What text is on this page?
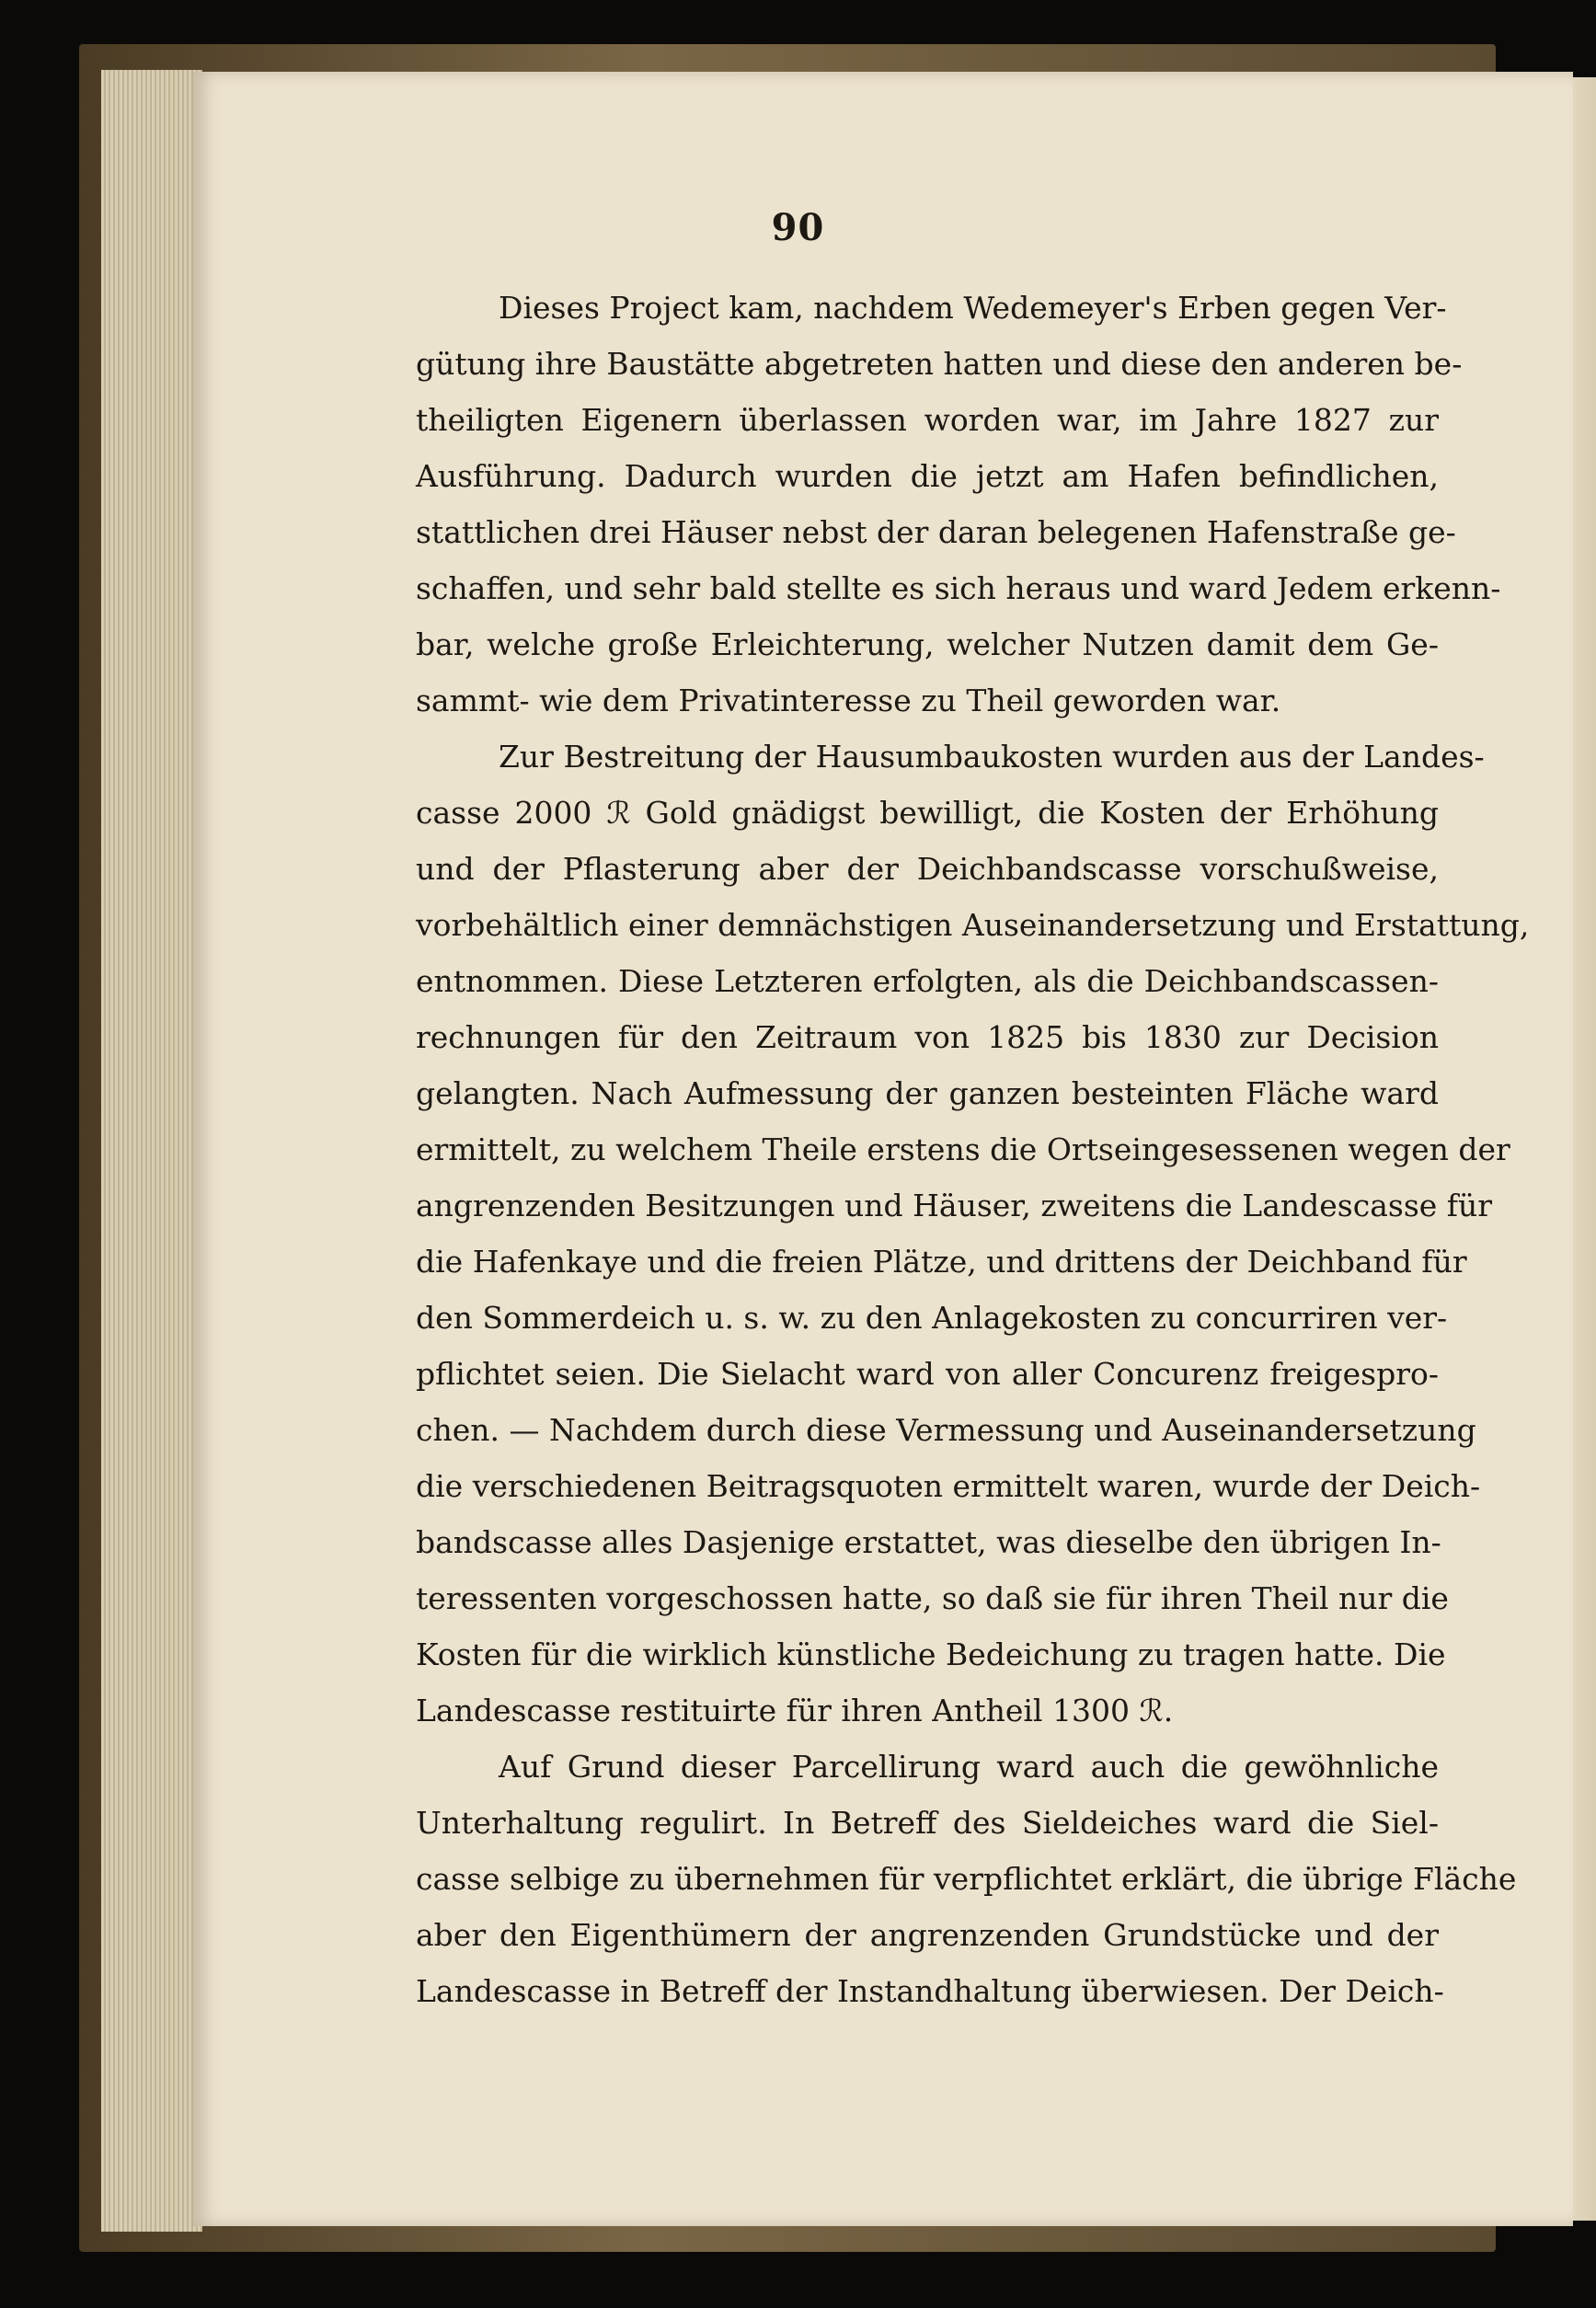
90
Dieses Project kam, nachdem Wedemeyer's Erben gegen Ver-
gütung ihre Baustätte abgetreten hatten und diese den anderen be-
theiligten Eigenern überlassen worden war, im Jahre 1827 zur
Ausführung. Dadurch wurden die jetzt am Hafen befindlichen,
stattlichen drei Häuser nebst der daran belegenen Hafenstraße ge-
schaffen, und sehr bald stellte es sich heraus und ward Jedem erkenn-
bar, welche große Erleichterung, welcher Nutzen damit dem Ge-
sammt- wie dem Privatinteresse zu Theil geworden war.
Zur Bestreitung der Hausumbaukosten wurden aus der Landes-
casse 2000 ℛ Gold gnädigst bewilligt, die Kosten der Erhöhung
und der Pflasterung aber der Deichbandscasse vorschußweise,
vorbehältlich einer demnächstigen Auseinandersetzung und Erstattung,
entnommen. Diese Letzteren erfolgten, als die Deichbandscassen-
rechnungen für den Zeitraum von 1825 bis 1830 zur Decision
gelangten. Nach Aufmessung der ganzen besteinten Fläche ward
ermittelt, zu welchem Theile erstens die Ortseingesessenen wegen der
angrenzenden Besitzungen und Häuser, zweitens die Landescasse für
die Hafenkaye und die freien Plätze, und drittens der Deichband für
den Sommerdeich u. s. w. zu den Anlagekosten zu concurriren ver-
pflichtet seien. Die Sielacht ward von aller Concurenz freigespro-
chen. — Nachdem durch diese Vermessung und Auseinandersetzung
die verschiedenen Beitragsquoten ermittelt waren, wurde der Deich-
bandscasse alles Dasjenige erstattet, was dieselbe den übrigen In-
teressenten vorgeschossen hatte, so daß sie für ihren Theil nur die
Kosten für die wirklich künstliche Bedeichung zu tragen hatte. Die
Landescasse restituirte für ihren Antheil 1300 ℛ.
Auf Grund dieser Parcellirung ward auch die gewöhnliche
Unterhaltung regulirt. In Betreff des Sieldeiches ward die Siel-
casse selbige zu übernehmen für verpflichtet erklärt, die übrige Fläche
aber den Eigenthümern der angrenzenden Grundstücke und der
Landescasse in Betreff der Instandhaltung überwiesen. Der Deich-
